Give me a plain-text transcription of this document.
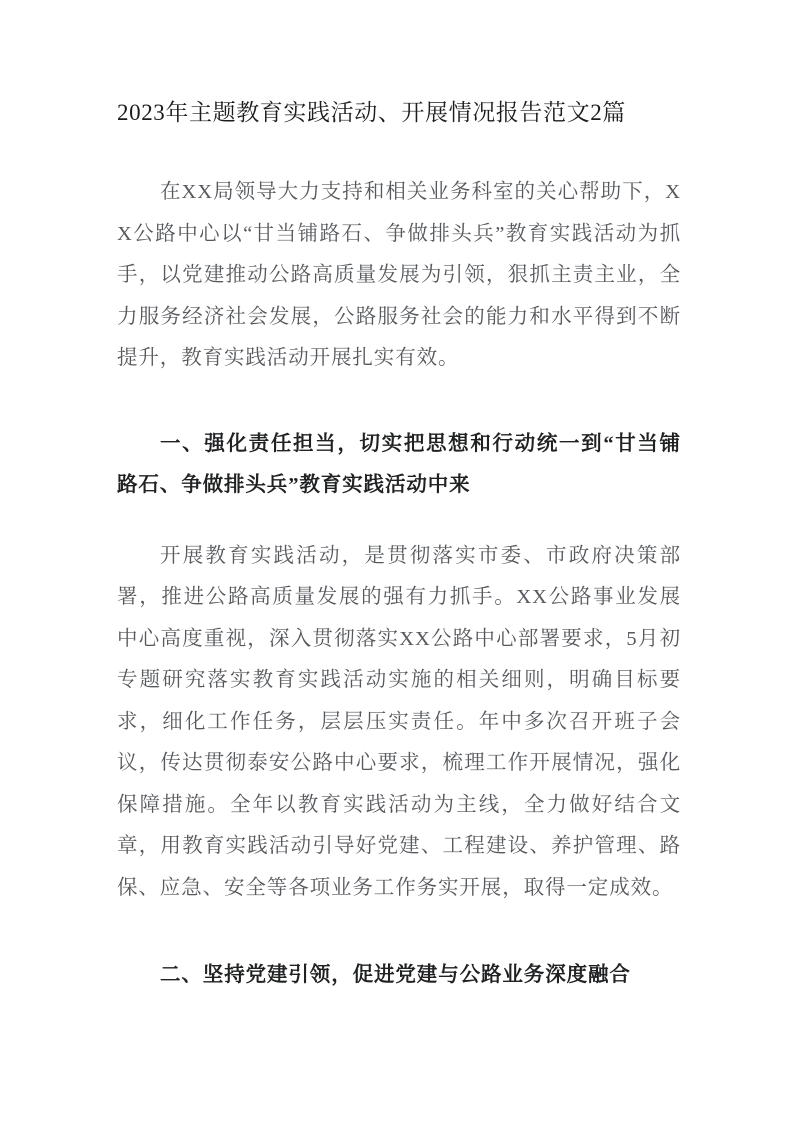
2023年主题教育实践活动、开展情况报告范文2篇

在XX局领导大力支持和相关业务科室的关心帮助下，XX公路中心以“甘当铺路石、争做排头兵”教育实践活动为抓手，以党建推动公路高质量发展为引领，狠抓主责主业，全力服务经济社会发展，公路服务社会的能力和水平得到不断提升，教育实践活动开展扎实有效。

一、强化责任担当，切实把思想和行动统一到“甘当铺路石、争做排头兵”教育实践活动中来

开展教育实践活动，是贯彻落实市委、市政府决策部署，推进公路高质量发展的强有力抓手。XX公路事业发展中心高度重视，深入贯彻落实XX公路中心部署要求，5月初专题研究落实教育实践活动实施的相关细则，明确目标要求，细化工作任务，层层压实责任。年中多次召开班子会议，传达贯彻泰安公路中心要求，梳理工作开展情况，强化保障措施。全年以教育实践活动为主线，全力做好结合文章，用教育实践活动引导好党建、工程建设、养护管理、路保、应急、安全等各项业务工作务实开展，取得一定成效。

二、坚持党建引领，促进党建与公路业务深度融合
